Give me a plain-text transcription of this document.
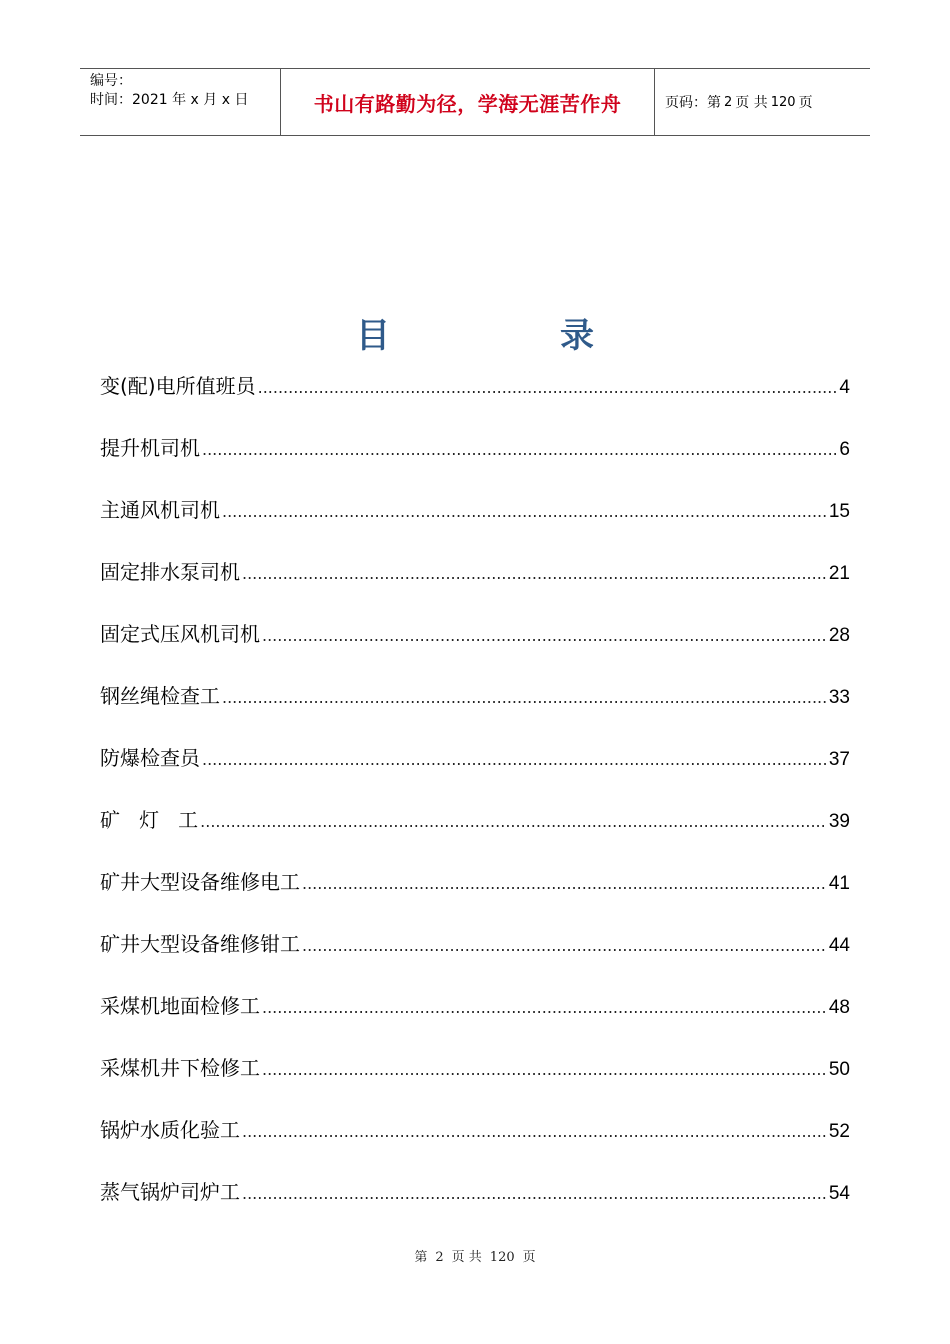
编号：
时间：2021 年 x 月 x 日	书山有路勤为径，学海无涯苦作舟	页码：第 2 页 共 120 页
目	录
变(配)电所值班员 .....	4
提升机司机 .....	6
主通风机司机 .....	15
固定排水泵司机 .....	21
固定式压风机司机 .....	28
钢丝绳检查工 .....	33
防爆检查员 .....	37
矿   灯   工 .....	39
矿井大型设备维修电工 .....	41
矿井大型设备维修钳工 .....	44
采煤机地面检修工 .....	48
采煤机井下检修工 .....	50
锅炉水质化验工 .....	52
蒸气锅炉司炉工 .....	54
第 2 页 共 120 页
